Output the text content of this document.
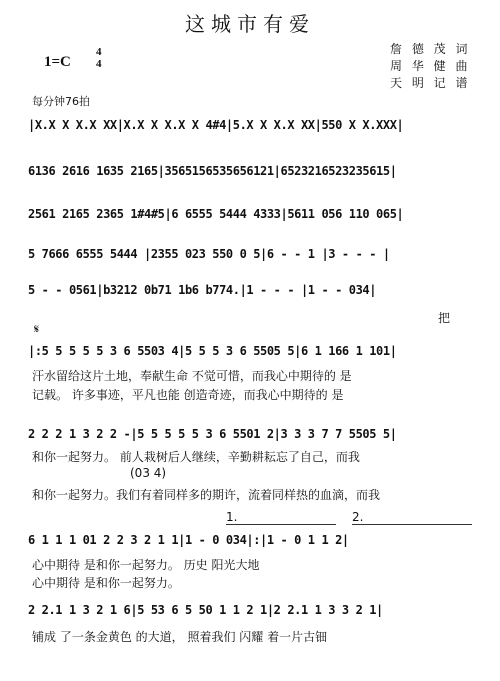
这城市有爱
1=C
4
4
詹 德 茂 词
周 华 健 曲
天 明 记 谱
每分钟76拍
|X.X X X.X XX|X.X X X.X X 4#4|5.X X X.X XX|550 X X.XXX|
6136 2616 1635 2165|3565156535656121|6523216523235615|
2561 2165 2365 1#4#5|6 6555 5444 4333|5611 056 110 065|
5 7666 6555 5444 |2355 023 550 0 5|6 - - 1 |3 - - - |
5 - - 0561|b3212 0b71 1b6 b774.|1 - - - |1 - - 034|
把
𝄋
|:5 5 5 5 5 3 6 5503 4|5 5 5 3 6 5505 5|6 1 166 1 101|
汗水留给这片土地，奉献生命 不觉可惜，而我心中期待的 是
记载。 许多事迹，平凡也能 创造奇迹，而我心中期待的 是
2 2 2 1 3 2 2 -|5 5 5 5 5 3 6 5501 2|3 3 3 7 7 5505 5|
和你一起努力。 前人栽树后人继续，辛勤耕耘忘了自己，而我
(03 4)
和你一起努力。我们有着同样多的期许，流着同样热的血滴，而我
1.	2.
6 1 1 1 01 2 2 3 2 1 1|1 - 0 034|:|1 - 0 1 1 2|
心中期待 是和你一起努力。 历史 阳光大地
心中期待 是和你一起努力。
2 2.1 1 3 2 1 6|5 53 6 5 50 1 1 2 1|2 2.1 1 3 3 2 1|
铺成 了一条金黄色 的大道， 照着我们 闪耀 着一片古钿
